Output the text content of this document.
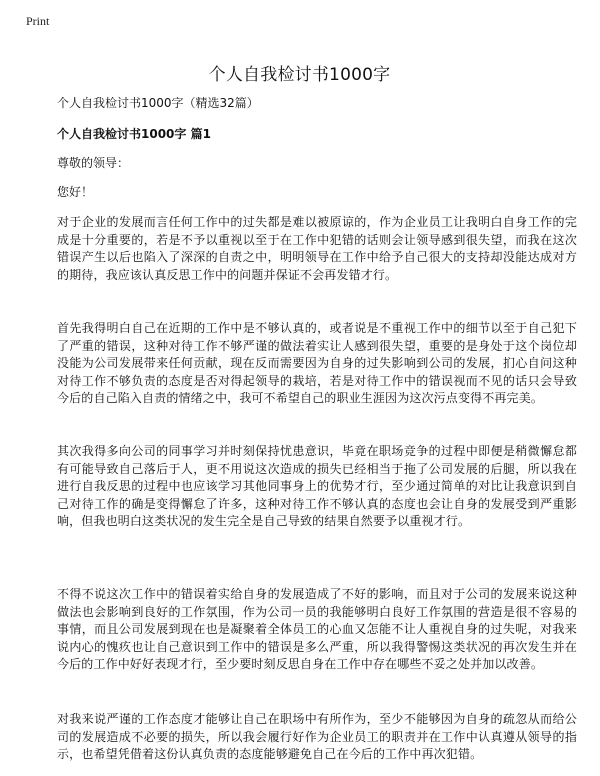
Print
个人自我检讨书1000字
个人自我检讨书1000字（精选32篇）
个人自我检讨书1000字 篇1
尊敬的领导：
您好！

对于企业的发展而言任何工作中的过失都是难以被原谅的，作为企业员工让我明白自身工作的完成是十分重要的，若是不予以重视以至于在工作中犯错的话则会让领导感到很失望，而我在这次错误产生以后也陷入了深深的自责之中，明明领导在工作中给予自己很大的支持却没能达成对方的期待，我应该认真反思工作中的问题并保证不会再发错才行。

首先我得明白自己在近期的工作中是不够认真的，或者说是不重视工作中的细节以至于自己犯下了严重的错误，这种对待工作不够严谨的做法着实让人感到很失望，重要的是身处于这个岗位却没能为公司发展带来任何贡献，现在反而需要因为自身的过失影响到公司的发展，扪心自问这种对待工作不够负责的态度是否对得起领导的栽培，若是对待工作中的错误视而不见的话只会导致今后的自己陷入自责的情绪之中，我可不希望自己的职业生涯因为这次污点变得不再完美。

其次我得多向公司的同事学习并时刻保持忧患意识，毕竟在职场竞争的过程中即便是稍微懈怠都有可能导致自己落后于人，更不用说这次造成的损失已经相当于拖了公司发展的后腿，所以我在进行自我反思的过程中也应该学习其他同事身上的优势才行，至少通过简单的对比让我意识到自己对待工作的确是变得懈怠了许多，这种对待工作不够认真的态度也会让自身的发展受到严重影响，但我也明白这类状况的发生完全是自己导致的结果自然要予以重视才行。

不得不说这次工作中的错误着实给自身的发展造成了不好的影响，而且对于公司的发展来说这种做法也会影响到良好的工作氛围，作为公司一员的我能够明白良好工作氛围的营造是很不容易的事情，而且公司发展到现在也是凝聚着全体员工的心血又怎能不让人重视自身的过失呢，对我来说内心的愧疚也让自己意识到工作中的错误是多么严重，所以我得警惕这类状况的再次发生并在今后的工作中好好表现才行，至少要时刻反思自身在工作中存在哪些不妥之处并加以改善。

对我来说严谨的工作态度才能够让自己在职场中有所作为，至少不能够因为自身的疏忽从而给公司的发展造成不必要的损失，所以我会履行好作为企业员工的职责并在工作中认真遵从领导的指示，也希望凭借着这份认真负责的态度能够避免自己在今后的工作中再次犯错。
